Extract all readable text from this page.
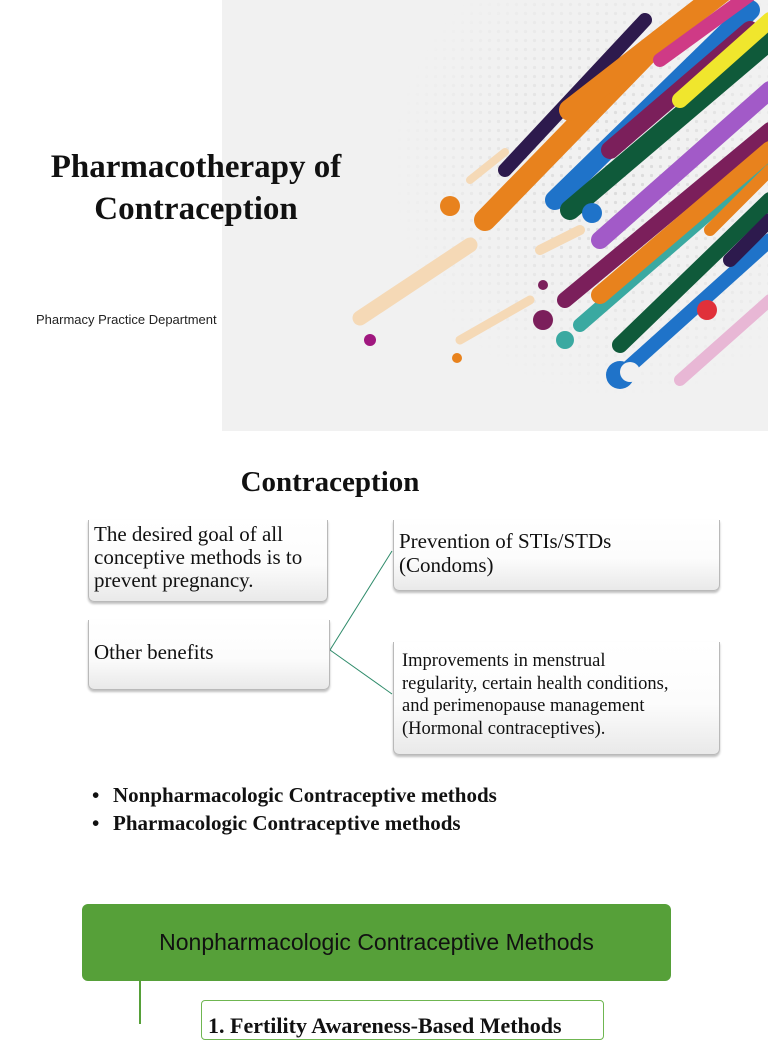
Pharmacotherapy of
Contraception
Pharmacy Practice Department
Contraception
The desired goal of all
conceptive methods is to
prevent pregnancy.
Other benefits
Prevention of STIs/STDs
(Condoms)
Improvements in menstrual
regularity, certain health conditions,
and perimenopause management
(Hormonal contraceptives).
• Nonpharmacologic Contraceptive methods
• Pharmacologic Contraceptive methods
Nonpharmacologic Contraceptive Methods
1. Fertility Awareness-Based Methods
